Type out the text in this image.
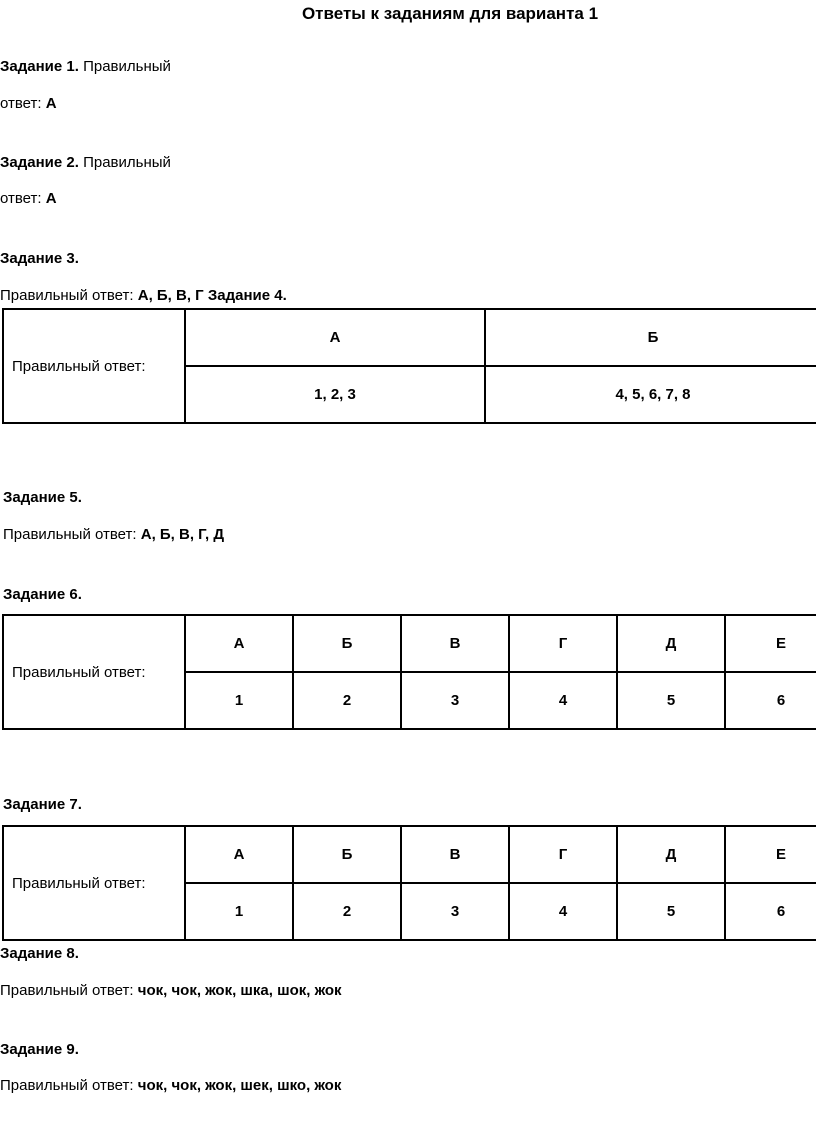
Ответы к заданиям для варианта 1
Задание 1. Правильный
ответ: А
Задание 2. Правильный
ответ: А
Задание 3.
Правильный ответ: А, Б, В, Г Задание 4.
Правильный ответ:	А	Б
	1, 2, 3	4, 5, 6, 7, 8
Задание 5.
Правильный ответ: А, Б, В, Г, Д
Задание 6.
Правильный ответ:	А	Б	В	Г	Д	Е
	1	2	3	4	5	6
Задание 7.
Правильный ответ:	А	Б	В	Г	Д	Е
	1	2	3	4	5	6
Задание 8.
Правильный ответ: чок, чок, жок, шка, шок, жок
Задание 9.
Правильный ответ: чок, чок, жок, шек, шко, жок
